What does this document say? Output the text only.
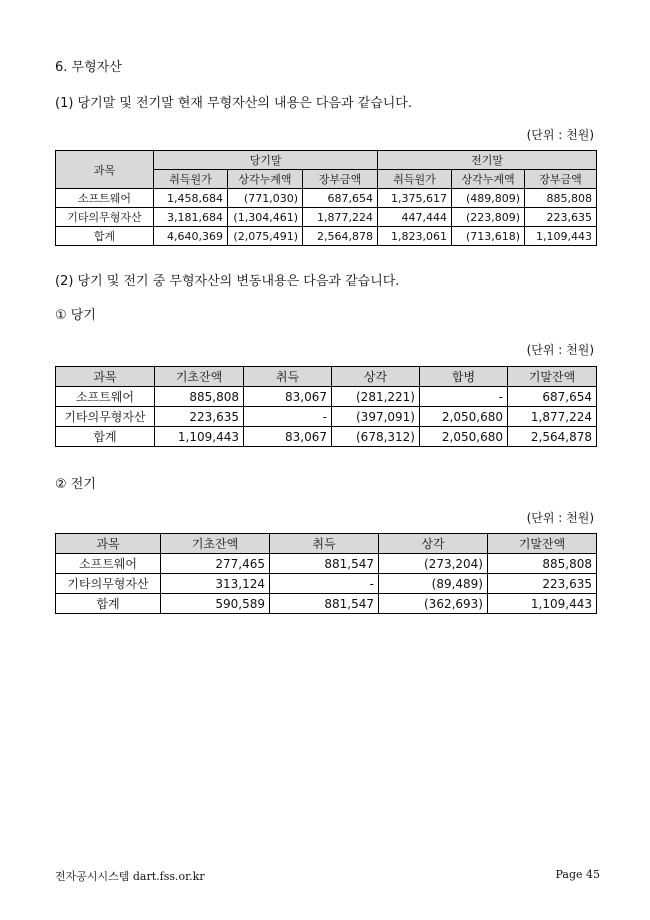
6. 무형자산
(1) 당기말 및 전기말 현재 무형자산의 내용은 다음과 같습니다.
(단위 : 천원)
과목	당기말			전기말		
	취득원가	상각누계액	장부금액	취득원가	상각누계액	장부금액
소프트웨어	1,458,684	(771,030)	687,654	1,375,617	(489,809)	885,808
기타의무형자산	3,181,684	(1,304,461)	1,877,224	447,444	(223,809)	223,635
합계	4,640,369	(2,075,491)	2,564,878	1,823,061	(713,618)	1,109,443
(2) 당기 및 전기 중 무형자산의 변동내용은 다음과 같습니다.
① 당기
(단위 : 천원)
과목	기초잔액	취득	상각	합병	기말잔액
소프트웨어	885,808	83,067	(281,221)	-	687,654
기타의무형자산	223,635	-	(397,091)	2,050,680	1,877,224
합계	1,109,443	83,067	(678,312)	2,050,680	2,564,878
② 전기
(단위 : 천원)
과목	기초잔액	취득	상각	기말잔액
소프트웨어	277,465	881,547	(273,204)	885,808
기타의무형자산	313,124	-	(89,489)	223,635
합계	590,589	881,547	(362,693)	1,109,443
전자공시시스템 dart.fss.or.kr	Page 45
